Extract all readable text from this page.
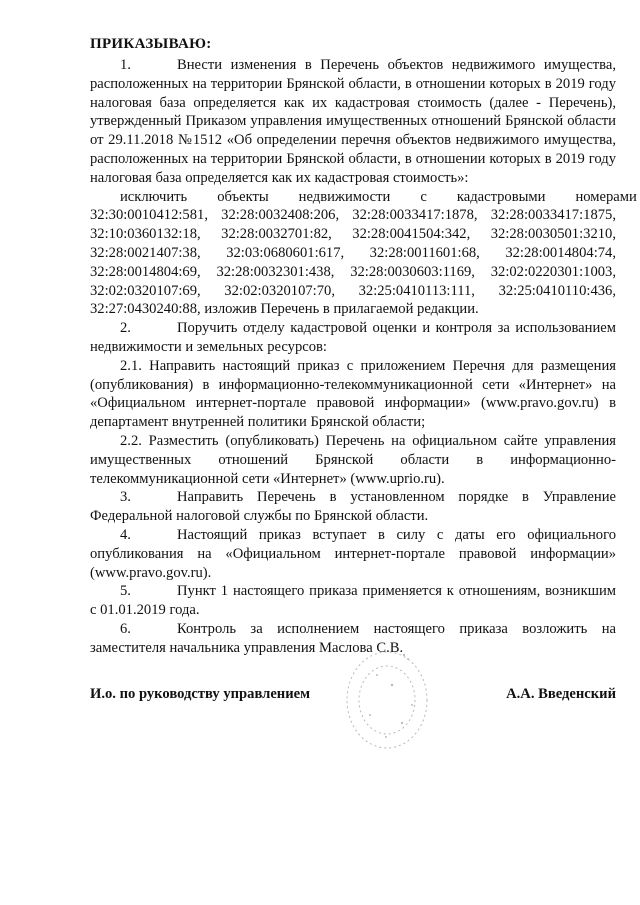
ПРИКАЗЫВАЮ:

1.	Внести изменения в Перечень объектов недвижимого имущества, расположенных на территории Брянской области, в отношении которых в 2019 году налоговая база определяется как их кадастровая стоимость (далее - Перечень), утвержденный Приказом управления имущественных отношений Брянской области от 29.11.2018 №1512 «Об определении перечня объектов недвижимого имущества, расположенных на территории Брянской области, в отношении которых в 2019 году налоговая база определяется как их кадастровая стоимость»:

исключить	объекты	недвижимости	с	кадастровыми	номерами

32:30:0010412:581, 32:28:0032408:206, 32:28:0033417:1878, 32:28:0033417:1875, 32:10:0360132:18, 32:28:0032701:82, 32:28:0041504:342, 32:28:0030501:3210, 32:28:0021407:38, 32:03:0680601:617, 32:28:0011601:68, 32:28:0014804:74, 32:28:0014804:69, 32:28:0032301:438, 32:28:0030603:1169, 32:02:0220301:1003, 32:02:0320107:69, 32:02:0320107:70, 32:25:0410113:111, 32:25:0410110:436, 32:27:0430240:88, изложив Перечень в прилагаемой редакции.

2.	Поручить отделу кадастровой оценки и контроля за использованием недвижимости и земельных ресурсов:

2.1. Направить настоящий приказ с приложением Перечня для размещения (опубликования) в информационно-телекоммуникационной сети «Интернет» на «Официальном интернет-портале правовой информации» (www.pravo.gov.ru) в департамент внутренней политики Брянской области;

2.2. Разместить (опубликовать) Перечень на официальном сайте управления имущественных отношений Брянской области в информационно-телекоммуникационной сети «Интернет» (www.uprio.ru).

3.	Направить Перечень в установленном порядке в Управление Федеральной налоговой службы по Брянской области.

4.	Настоящий приказ вступает в силу с даты его официального опубликования на «Официальном интернет-портале правовой информации» (www.pravo.gov.ru).

5.	Пункт 1 настоящего приказа применяется к отношениям, возникшим с 01.01.2019 года.

6.	Контроль за исполнением настоящего приказа возложить на заместителя начальника управления Маслова С.В.

И.о. по руководству управлением	А.А. Введенский
